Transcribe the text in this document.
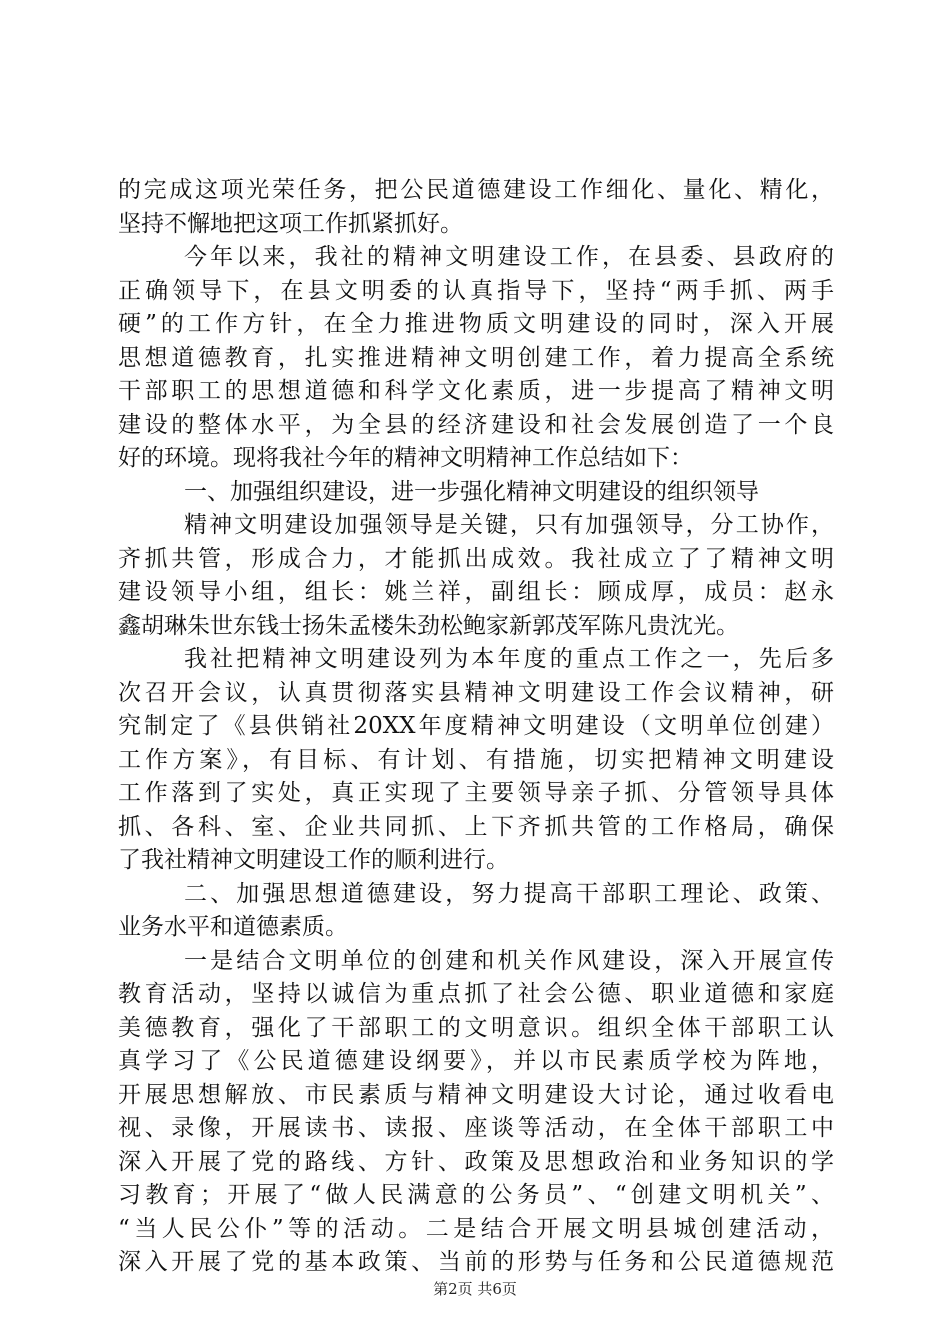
的完成这项光荣任务，把公民道德建设工作细化、量化、精化，
坚持不懈地把这项工作抓紧抓好。
今年以来，我社的精神文明建设工作，在县委、县政府的
正确领导下，在县文明委的认真指导下，坚持“两手抓、两手
硬”的工作方针，在全力推进物质文明建设的同时，深入开展
思想道德教育，扎实推进精神文明创建工作，着力提高全系统
干部职工的思想道德和科学文化素质，进一步提高了精神文明
建设的整体水平，为全县的经济建设和社会发展创造了一个良
好的环境。现将我社今年的精神文明精神工作总结如下：
一、加强组织建设，进一步强化精神文明建设的组织领导
精神文明建设加强领导是关键，只有加强领导，分工协作，
齐抓共管，形成合力，才能抓出成效。我社成立了了精神文明
建设领导小组，组长：姚兰祥，副组长：顾成厚，成员：赵永
鑫胡琳朱世东钱士扬朱孟楼朱劲松鲍家新郭茂军陈凡贵沈光。
我社把精神文明建设列为本年度的重点工作之一，先后多
次召开会议，认真贯彻落实县精神文明建设工作会议精神，研
究制定了《县供销社20XX年度精神文明建设（文明单位创建）
工作方案》，有目标、有计划、有措施，切实把精神文明建设
工作落到了实处，真正实现了主要领导亲子抓、分管领导具体
抓、各科、室、企业共同抓、上下齐抓共管的工作格局，确保
了我社精神文明建设工作的顺利进行。
二、加强思想道德建设，努力提高干部职工理论、政策、
业务水平和道德素质。
一是结合文明单位的创建和机关作风建设，深入开展宣传
教育活动，坚持以诚信为重点抓了社会公德、职业道德和家庭
美德教育，强化了干部职工的文明意识。组织全体干部职工认
真学习了《公民道德建设纲要》，并以市民素质学校为阵地，
开展思想解放、市民素质与精神文明建设大讨论，通过收看电
视、录像，开展读书、读报、座谈等活动，在全体干部职工中
深入开展了党的路线、方针、政策及思想政治和业务知识的学
习教育；开展了“做人民满意的公务员”、“创建文明机关”、
“当人民公仆”等的活动。二是结合开展文明县城创建活动，
深入开展了党的基本政策、当前的形势与任务和公民道德规范
第2页 共6页
